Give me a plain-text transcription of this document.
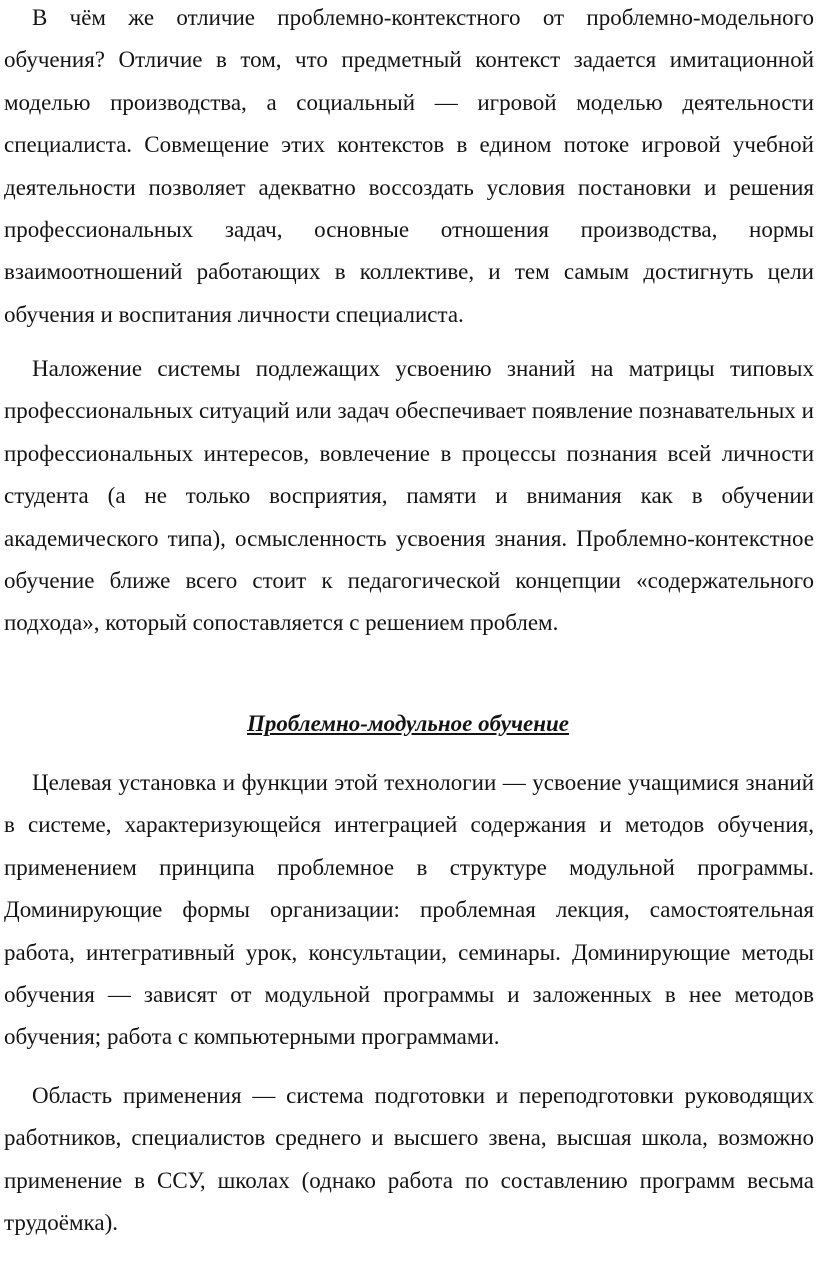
В чём же отличие проблемно-контекстного от проблемно-модельного обучения? Отличие в том, что предметный контекст задается имитационной моделью производства, а социальный — игровой моделью деятельности специалиста. Совмещение этих контекстов в едином потоке игровой учебной деятельности позволяет адекватно воссоздать условия постановки и решения профессиональных задач, основные отношения производства, нормы взаимоотношений работающих в коллективе, и тем самым достигнуть цели обучения и воспитания личности специалиста.

Наложение системы подлежащих усвоению знаний на матрицы типовых профессиональных ситуаций или задач обеспечивает появление познавательных и профессиональных интересов, вовлечение в процессы познания всей личности студента (а не только восприятия, памяти и внимания как в обучении академического типа), осмысленность усвоения знания. Проблемно-контекстное обучение ближе всего стоит к педагогической концепции «содержательного подхода», который сопоставляется с решением проблем.

Проблемно-модульное обучение

Целевая установка и функции этой технологии — усвоение учащимися знаний в системе, характеризующейся интеграцией содержания и методов обучения, применением принципа проблемное в структуре модульной программы. Доминирующие формы организации: проблемная лекция, самостоятельная работа, интегративный урок, консультации, семинары. Доминирующие методы обучения — зависят от модульной программы и заложенных в нее методов обучения; работа с компьютерными программами.

Область применения — система подготовки и переподготовки руководящих работников, специалистов среднего и высшего звена, высшая школа, возможно применение в ССУ, школах (однако работа по составлению программ весьма трудоёмка).
